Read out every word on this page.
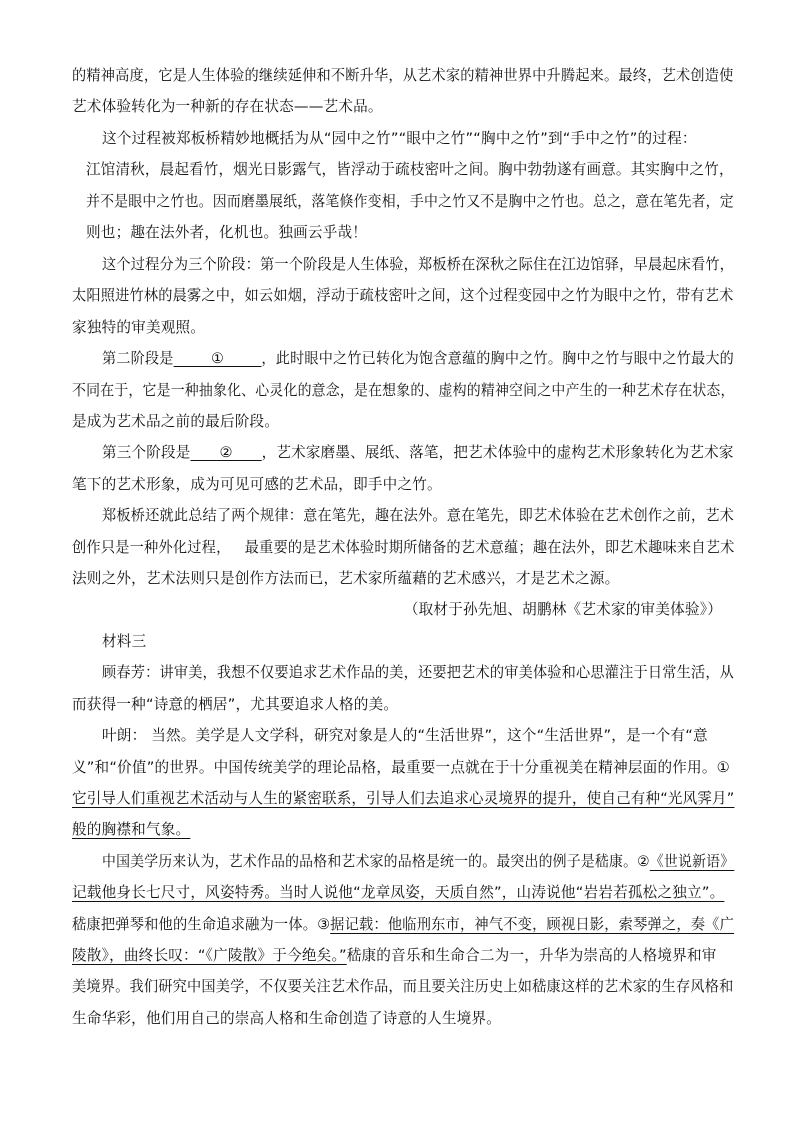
的精神高度，它是人生体验的继续延伸和不断升华，从艺术家的精神世界中升腾起来。最终，艺术创造使
艺术体验转化为一种新的存在状态——艺术品。
这个过程被郑板桥精妙地概括为从“园中之竹”“眼中之竹”“胸中之竹”到“手中之竹”的过程：
江馆清秋，晨起看竹，烟光日影露气，皆浮动于疏枝密叶之间。胸中勃勃遂有画意。其实胸中之竹，
并不是眼中之竹也。因而磨墨展纸，落笔倏作变相，手中之竹又不是胸中之竹也。总之，意在笔先者，定
则也；趣在法外者，化机也。独画云乎哉！
这个过程分为三个阶段：第一个阶段是人生体验，郑板桥在深秋之际住在江边馆驿，早晨起床看竹，
太阳照进竹林的晨雾之中，如云如烟，浮动于疏枝密叶之间，这个过程变园中之竹为眼中之竹，带有艺术
家独特的审美观照。
第二阶段是        ①        ，此时眼中之竹已转化为饱含意蕴的胸中之竹。胸中之竹与眼中之竹最大的
不同在于，它是一种抽象化、心灵化的意念，是在想象的、虚构的精神空间之中产生的一种艺术存在状态，
是成为艺术品之前的最后阶段。
第三个阶段是      ②      ，艺术家磨墨、展纸、落笔，把艺术体验中的虚构艺术形象转化为艺术家
笔下的艺术形象，成为可见可感的艺术品，即手中之竹。
郑板桥还就此总结了两个规律：意在笔先，趣在法外。意在笔先，即艺术体验在艺术创作之前，艺术
创作只是一种外化过程，   最重要的是艺术体验时期所储备的艺术意蕴；趣在法外，即艺术趣味来自艺术
法则之外，艺术法则只是创作方法而已，艺术家所蕴藉的艺术感兴，才是艺术之源。
（取材于孙先旭、胡鹏林《艺术家的审美体验》）
材料三
顾春芳：讲审美，我想不仅要追求艺术作品的美，还要把艺术的审美体验和心思灌注于日常生活，从
而获得一种“诗意的栖居”，尤其要追求人格的美。
叶朗： 当然。美学是人文学科，研究对象是人的“生活世界”，这个“生活世界”，是一个有“意
义”和“价值”的世界。中国传统美学的理论品格，最重要一点就在于十分重视美在精神层面的作用。①
它引导人们重视艺术活动与人生的紧密联系，引导人们去追求心灵境界的提升，使自己有种“光风霁月”
般的胸襟和气象。
中国美学历来认为，艺术作品的品格和艺术家的品格是统一的。最突出的例子是嵇康。②《世说新语》
记载他身长七尺寸，风姿特秀。当时人说他“龙章凤姿，天质自然”，山涛说他“岩岩若孤松之独立”。
嵇康把弹琴和他的生命追求融为一体。③据记载：他临刑东市，神气不变，顾视日影，索琴弹之，奏《广
陵散》，曲终长叹：“《广陵散》于今绝矣。”嵇康的音乐和生命合二为一，升华为崇高的人格境界和审
美境界。我们研究中国美学，不仅要关注艺术作品，而且要关注历史上如嵇康这样的艺术家的生存风格和
生命华彩，他们用自己的崇高人格和生命创造了诗意的人生境界。
